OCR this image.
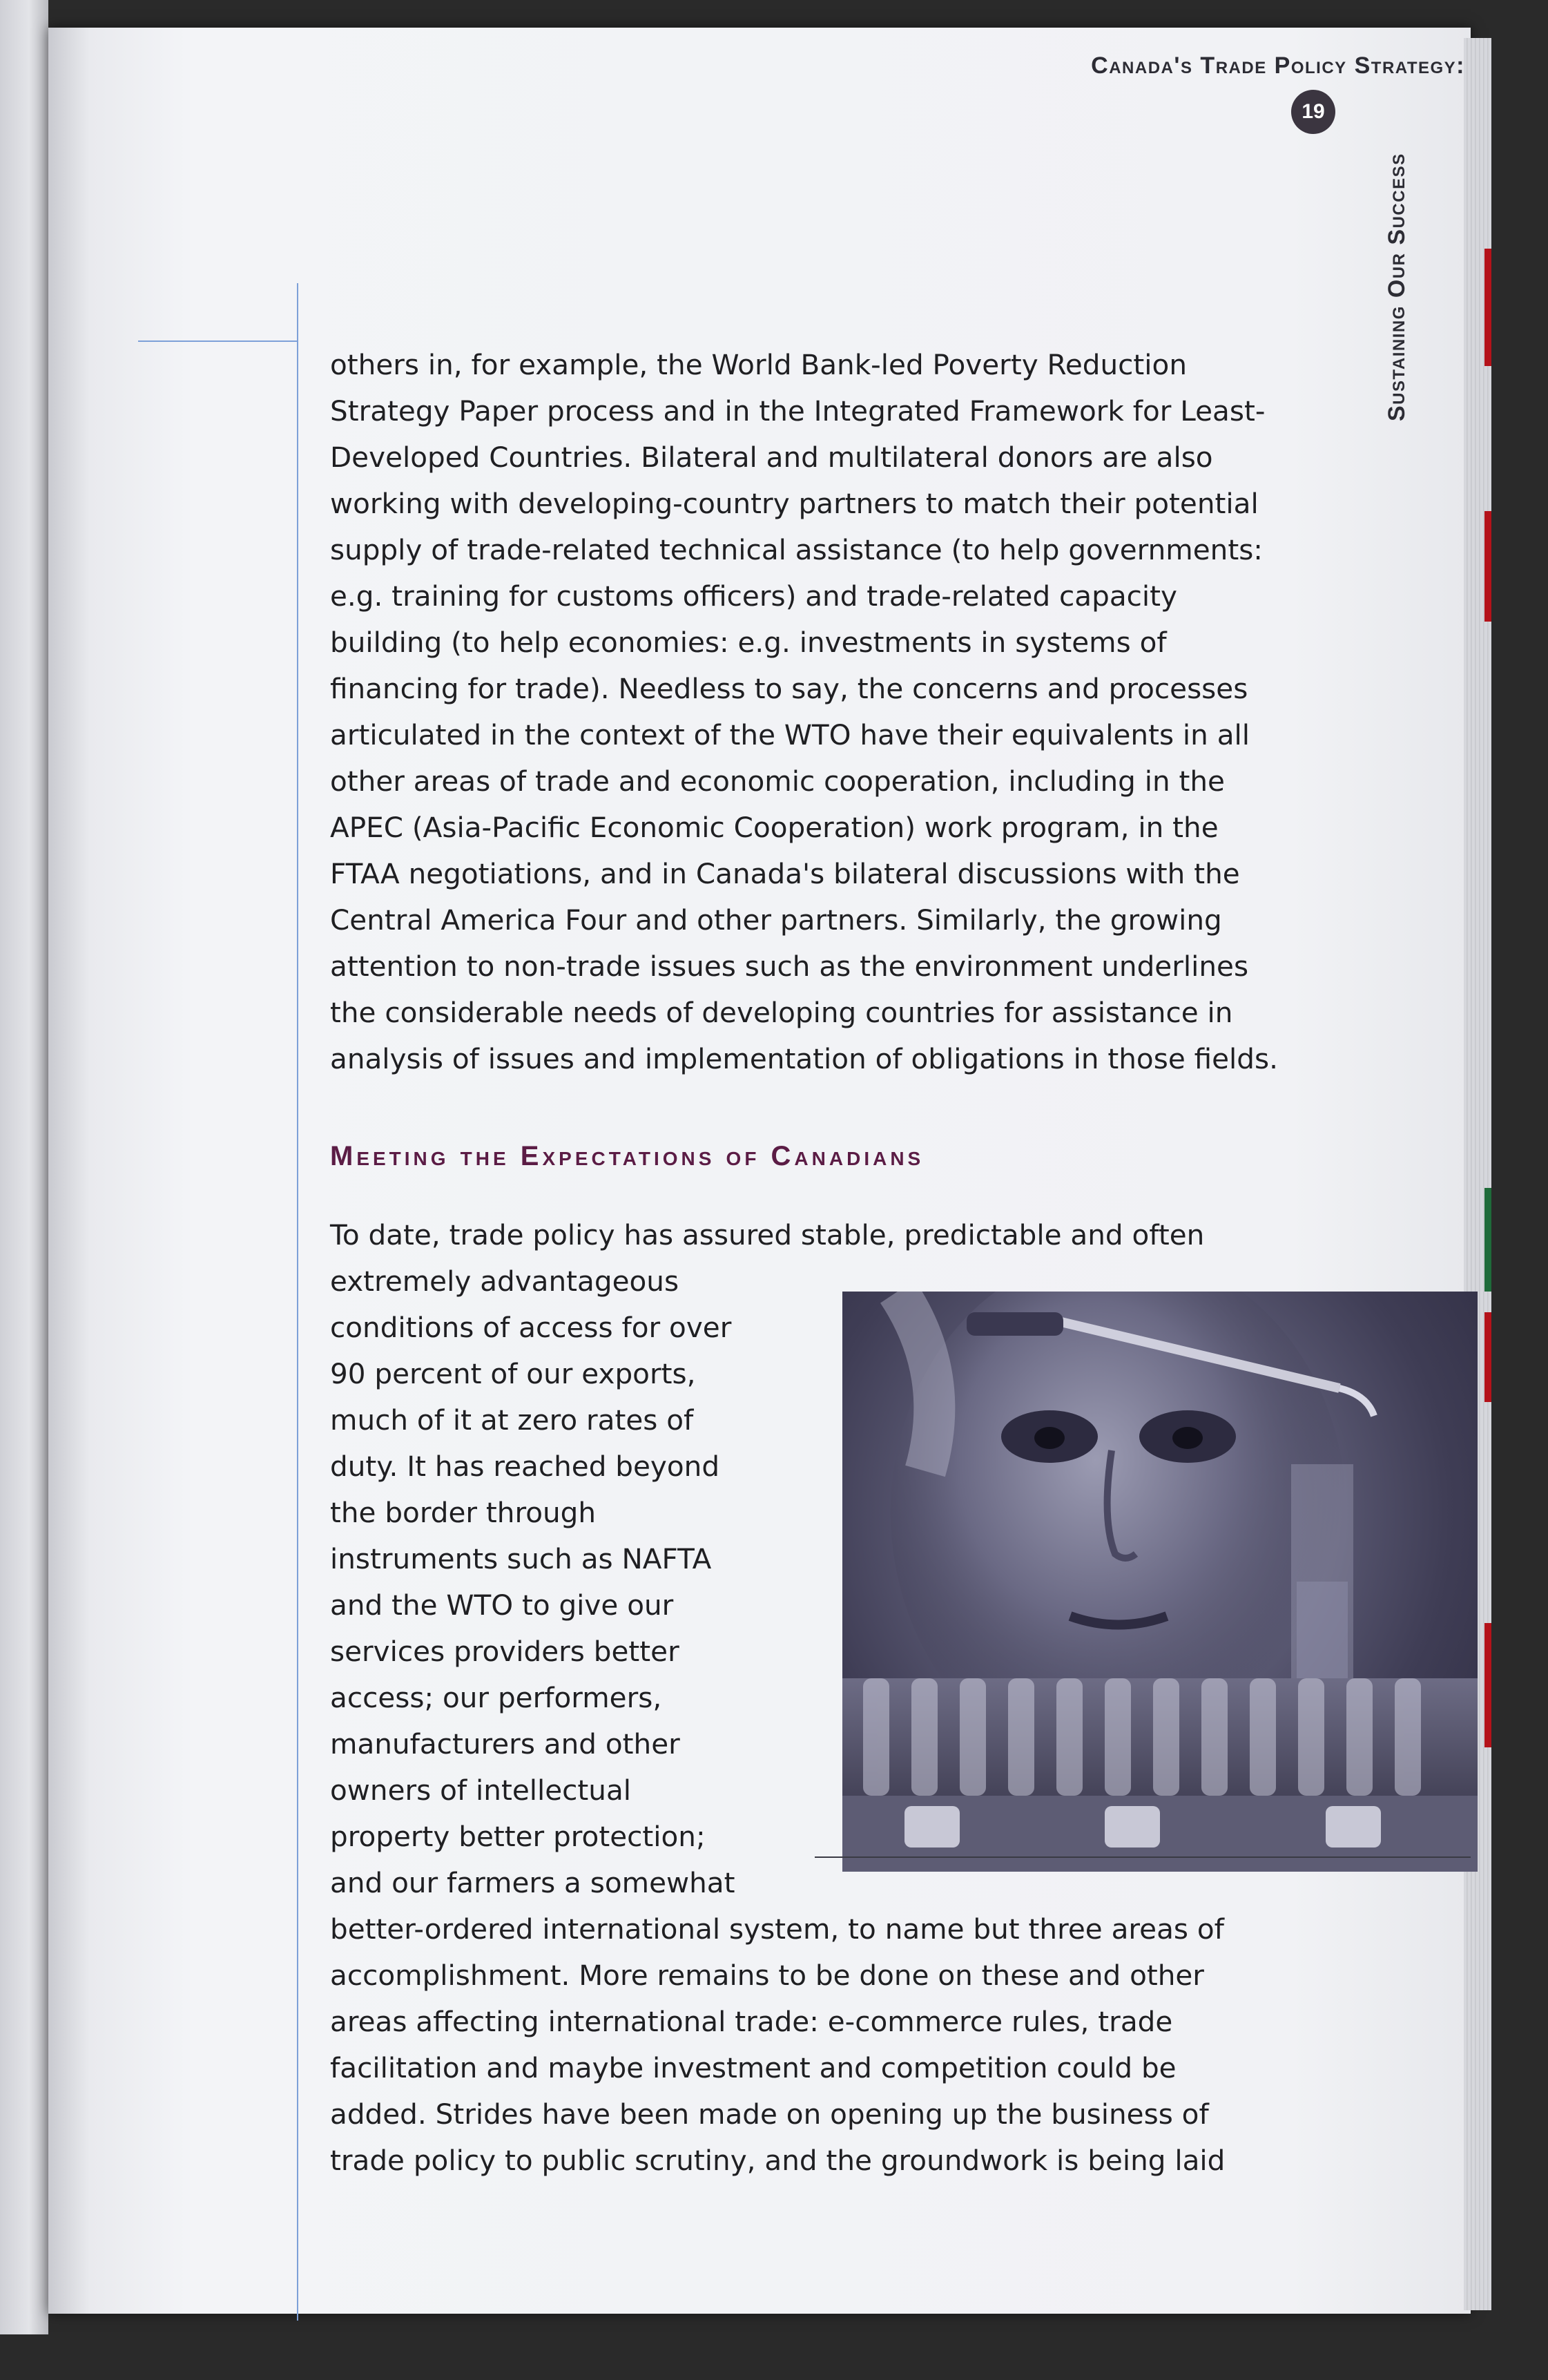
Canada's Trade Policy Strategy:
19
Sustaining Our Success
others in, for example, the World Bank-led Poverty Reduction
Strategy Paper process and in the Integrated Framework for Least-
Developed Countries. Bilateral and multilateral donors are also
working with developing-country partners to match their potential
supply of trade-related technical assistance (to help governments:
e.g. training for customs officers) and trade-related capacity
building (to help economies: e.g. investments in systems of
financing for trade). Needless to say, the concerns and processes
articulated in the context of the WTO have their equivalents in all
other areas of trade and economic cooperation, including in the
APEC (Asia-Pacific Economic Cooperation) work program, in the
FTAA negotiations, and in Canada's bilateral discussions with the
Central America Four and other partners. Similarly, the growing
attention to non-trade issues such as the environment underlines
the considerable needs of developing countries for assistance in
analysis of issues and implementation of obligations in those fields.
Meeting the Expectations of Canadians
To date, trade policy has assured stable, predictable and often
extremely advantageous
conditions of access for over
90 percent of our exports,
much of it at zero rates of
duty. It has reached beyond
the border through
instruments such as NAFTA
and the WTO to give our
services providers better
access; our performers,
manufacturers and other
owners of intellectual
property better protection;
and our farmers a somewhat
better-ordered international system, to name but three areas of
accomplishment. More remains to be done on these and other
areas affecting international trade: e-commerce rules, trade
facilitation and maybe investment and competition could be
added. Strides have been made on opening up the business of
trade policy to public scrutiny, and the groundwork is being laid
